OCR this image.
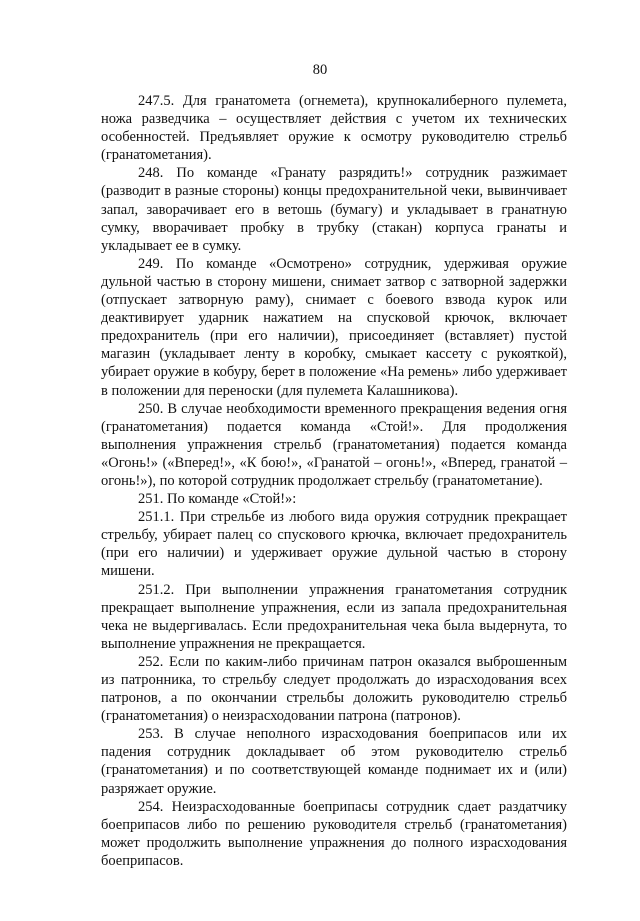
80

247.5. Для гранатомета (огнемета), крупнокалиберного пулемета, ножа разведчика – осуществляет действия с учетом их технических особенностей. Предъявляет оружие к осмотру руководителю стрельб (гранатометания).

248. По команде «Гранату разрядить!» сотрудник разжимает (разводит в разные стороны) концы предохранительной чеки, вывинчивает запал, заворачивает его в ветошь (бумагу) и укладывает в гранатную сумку, вворачивает пробку в трубку (стакан) корпуса гранаты и укладывает ее в сумку.

249. По команде «Осмотрено» сотрудник, удерживая оружие дульной частью в сторону мишени, снимает затвор с затворной задержки (отпускает затворную раму), снимает с боевого взвода курок или деактивирует ударник нажатием на спусковой крючок, включает предохранитель (при его наличии), присоединяет (вставляет) пустой магазин (укладывает ленту в коробку, смыкает кассету с рукояткой), убирает оружие в кобуру, берет в положение «На ремень» либо удерживает в положении для переноски (для пулемета Калашникова).

250. В случае необходимости временного прекращения ведения огня (гранатометания) подается команда «Стой!». Для продолжения выполнения упражнения стрельб (гранатометания) подается команда «Огонь!» («Вперед!», «К бою!», «Гранатой – огонь!», «Вперед, гранатой – огонь!»), по которой сотрудник продолжает стрельбу (гранатометание).

251. По команде «Стой!»:

251.1. При стрельбе из любого вида оружия сотрудник прекращает стрельбу, убирает палец со спускового крючка, включает предохранитель (при его наличии) и удерживает оружие дульной частью в сторону мишени.

251.2. При выполнении упражнения гранатометания сотрудник прекращает выполнение упражнения, если из запала предохранительная чека не выдергивалась. Если предохранительная чека была выдернута, то выполнение упражнения не прекращается.

252. Если по каким-либо причинам патрон оказался выброшенным из патронника, то стрельбу следует продолжать до израсходования всех патронов, а по окончании стрельбы доложить руководителю стрельб (гранатометания) о неизрасходовании патрона (патронов).

253. В случае неполного израсходования боеприпасов или их падения сотрудник докладывает об этом руководителю стрельб (гранатометания) и по соответствующей команде поднимает их и (или) разряжает оружие.

254. Неизрасходованные боеприпасы сотрудник сдает раздатчику боеприпасов либо по решению руководителя стрельб (гранатометания) может продолжить выполнение упражнения до полного израсходования боеприпасов.
